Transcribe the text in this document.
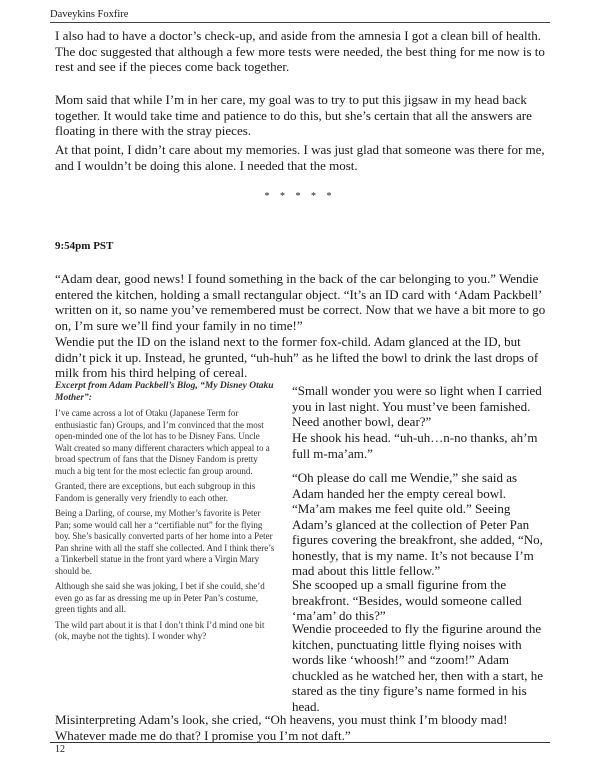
Daveykins Foxfire

I also had to have a doctor’s check-up, and aside from the amnesia I got a clean bill of health. The doc suggested that although a few more tests were needed, the best thing for me now is to rest and see if the pieces come back together.

Mom said that while I’m in her care, my goal was to try to put this jigsaw in my head back together. It would take time and patience to do this, but she’s certain that all the answers are floating in there with the stray pieces.

At that point, I didn’t care about my memories. I was just glad that someone was there for me, and I wouldn’t be doing this alone. I needed that the most.

* * * * *
9:54pm PST

“Adam dear, good news! I found something in the back of the car belonging to you.” Wendie entered the kitchen, holding a small rectangular object. “It’s an ID card with ‘Adam Packbell’ written on it, so name you’ve remembered must be correct. Now that we have a bit more to go on, I’m sure we’ll find your family in no time!”

Wendie put the ID on the island next to the former fox-child. Adam glanced at the ID, but didn’t pick it up. Instead, he grunted, “uh-huh” as he lifted the bowl to drink the last drops of milk from his third helping of cereal.

Excerpt from Adam Packbell’s Blog, “My Disney Otaku Mother”:

I’ve came across a lot of Otaku (Japanese Term for enthusiastic fan) Groups, and I’m convinced that the most open-minded one of the lot has to be Disney Fans. Uncle Walt created so many different characters which appeal to a broad spectrum of fans that the Disney Fandom is pretty much a big tent for the most eclectic fan group around.

Granted, there are exceptions, but each subgroup in this Fandom is generally very friendly to each other.

Being a Darling, of course, my Mother’s favorite is Peter Pan; some would call her a “certifiable nut” for the flying boy. She’s basically converted parts of her home into a Peter Pan shrine with all the staff she collected. And I think there’s a Tinkerbell statue in the front yard where a Virgin Mary should be.

Although she said she was joking, I bet if she could, she’d even go as far as dressing me up in Peter Pan’s costume, green tights and all.

The wild part about it is that I don’t think I’d mind one bit (ok, maybe not the tights). I wonder why?

“Small wonder you were so light when I carried you in last night. You must’ve been famished. Need another bowl, dear?”

He shook his head. “uh-uh…n-no thanks, ah’m full m-ma’am.”

“Oh please do call me Wendie,” she said as Adam handed her the empty cereal bowl. “Ma’am makes me feel quite old.” Seeing Adam’s glanced at the collection of Peter Pan figures covering the breakfront, she added, “No, honestly, that is my name. It’s not because I’m mad about this little fellow.”

She scooped up a small figurine from the breakfront. “Besides, would someone called ‘ma’am’ do this?”

Wendie proceeded to fly the figurine around the kitchen, punctuating little flying noises with words like ‘whoosh!” and “zoom!” Adam chuckled as he watched her, then with a start, he stared as the tiny figure’s name formed in his head.

Misinterpreting Adam’s look, she cried, “Oh heavens, you must think I’m bloody mad! Whatever made me do that? I promise you I’m not daft.”

12
